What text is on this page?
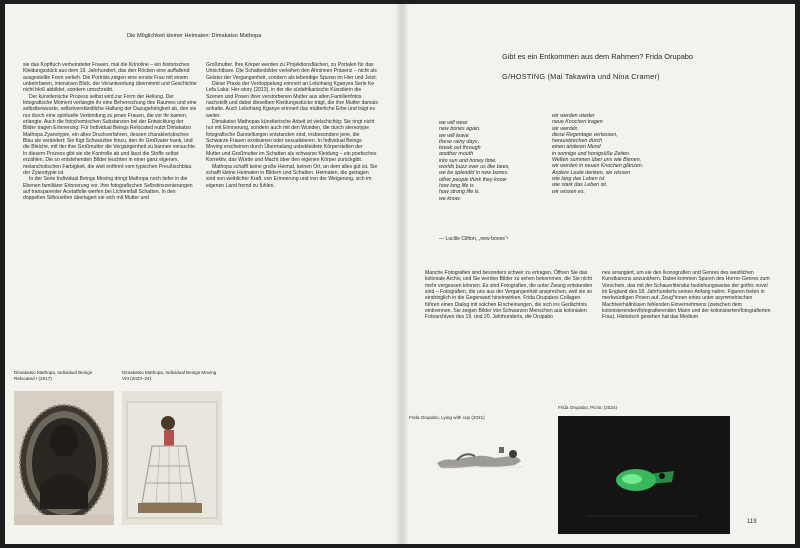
Die Möglichkeit kleiner Heimaten: Dimakatso Mathopa

sie das Kopftuch verheirateter Frauen, mal die Krinoline – ein historisches Kleidungsstück aus dem 19. Jahrhundert, das den Röcken eine auffallend ausgestellte Form verlieh. Die Porträts zeigen eine ernste Frau mit einem unbeirrbaren, intensiven Blick, der Verantwortung übernimmt und Geschichte nicht bloß abbildet, sondern umschreibt.

Der künstlerische Prozess selbst wird zur Form der Heilung. Der fotografische Moment verlangte ihr eine Beherrschung des Raumes und eine selbstbewusste, selbstverständliche Haltung der Dazugehörigkeit ab, den sie nur durch eine spirituelle Verbindung zu jenen Frauen, die vor ihr kamen, erlangte. Auch die fotochemischen Substanzen bei der Entwicklung der Bilder tragen Erinnerung: Für Individual Beings Relocated nutzt Dimakatso Mathopa Zyanotypie, ein altes Druckverfahren, dessen charakteristisches Blau sie verändert: Sie fügt Schwarztee hinzu, den ihr Großvater trank, und die Bleiche, mit der ihre Großmutter die Vergangenheit zu bannen versuchte. In diesem Prozess gibt sie die Kontrolle ab und lässt die Stoffe selbst erzählen. Die so entstehenden Bilder leuchten in einer ganz eigenen, melancholischen Farbigkeit, die weit entfernt vom typischen Preußischblau der Zyanotypie ist.

In der Serie Individual Beings Moving dringt Mathopa noch tiefer in die Ebenen familiärer Erinnerung vor. Ihre fotografischen Selbstinszenierungen auf transparenter Acetatfolie werfen bei Lichteinfall Schatten. In den doppelten Silhouetten überlagert sie sich mit Mutter und

Großmutter. Ihre Körper werden zu Projektionsflächen, zu Portalen für das Unsichtbare. Die Schattenbilder verleihen den Ahninnen Präsenz – nicht als Geister der Vergangenheit, sondern als lebendige Spuren im Hier und Jetzt.

Diese Praxis der Verdoppelung erinnert an Lebohang Kganyes Serie Ke Lefa Laka: Her-story (2013), in der die südafrikanische Künstlerin die Szenen und Posen ihrer verstorbenen Mutter aus alten Familienfotos nachstellt und dabei dieselben Kleidungsstücke trägt, die ihre Mutter damals anhatte. Auch Lebohang Kganye erinnert das mütterliche Erbe und trägt es weiter.

Dimakatso Mathopas künstlerische Arbeit ist vielschichtig: Sie ringt nicht nur mit Erinnerung, sondern auch mit den Wunden, die durch stereotype fotografische Darstellungen entstanden sind, insbesondere jene, die Schwarze Frauen exotisieren oder sexualisieren. In Individual Beings Moving erscheinen durch Übermalung unbekleidete Körperstellen der Mutter und Großmutter im Schatten als schwarze Kleidung – ein poetisches Korrektiv, das Würde und Macht über den eigenen Körper zurückgibt.

Mathopa schafft keine große Heimat, keinen Ort, an dem alles gut ist. Sie schafft kleine Heimaten in Bildern und Schatten. Heimaten, die getragen sind von weiblicher Kraft, von Erinnerung und von der Weigerung, sich im eigenen Land fremd zu fühlen.

Dimakatso Mathopa, Individual Beings Relocated I (2017)
Dimakatso Mathopa, Individual Beings Moving VIII (2023–24)
Gibt es ein Entkommen aus dem Rahmen? Frida Orupabo
G/HOSTING (Mai Takawira und Nina Cramer)
we will wear
new bones again.
we will leave
these rainy days,
break out through
another mouth
into sun and honey time.
worlds buzz over us like bees,
we be splendid in new bones.
other people think they know
how long life is
how strong life is.
we know.
wir werden wieder
neue Knochen tragen
wir werden
diese Regentage verlassen,
herausbrechen durch
einen anderen Mund
in sonnige und honigsüße Zeiten.
Welten summen über uns wie Bienen,
wir werden in neuen Knochen glänzen.
Andere Leute denken, sie wissen
wie lang das Leben ist
wie stark das Leben ist.
wir wissen es.
— Lucille Clifton, „new bones“¹

Manche Fotografien sind besonders schwer zu ertragen. Öffnen Sie das koloniale Archiv, und Sie werden Bilder zu sehen bekommen, die Sie nicht mehr vergessen können. Es sind Fotografien, die unter Zwang entstanden sind – Fotografien, die uns aus der Vergangenheit ansprechen, weil sie so eindringlich in die Gegenwart hineinwirken. Frida Orupabos Collagen führen einen Dialog mit solchen Erscheinungen, die sich ins Gedächtnis einbrennen. Sie zeigen Bilder von Schwarzen Menschen aus kolonialen Fotoarchiven des 19. und 20. Jahrhunderts, die Orupabo

neu arrangiert, um sie den Ikonografien und Genres des westlichen Kunstkanons anzunähern. Dabei kommen Spuren des Horror-Genres zum Vorschein, das mit der Schauerliteratur beziehungsweise der gothic novel im England des 18. Jahrhunderts seinen Anfang nahm. Figuren treten in merkwürdigen Posen auf, Zeug*innen eines unter asymmetrischen Machtverhältnissen fehlenden Einvernehmens (zwischen dem kolonisierenden/fotografierenden Mann und der kolonisierten/fotografierten Frau). Historisch gesehen hat das Medium

Frida Orupabo, Lying with cup (2021)
Frida Orupabo, Picnic (2024)
119
